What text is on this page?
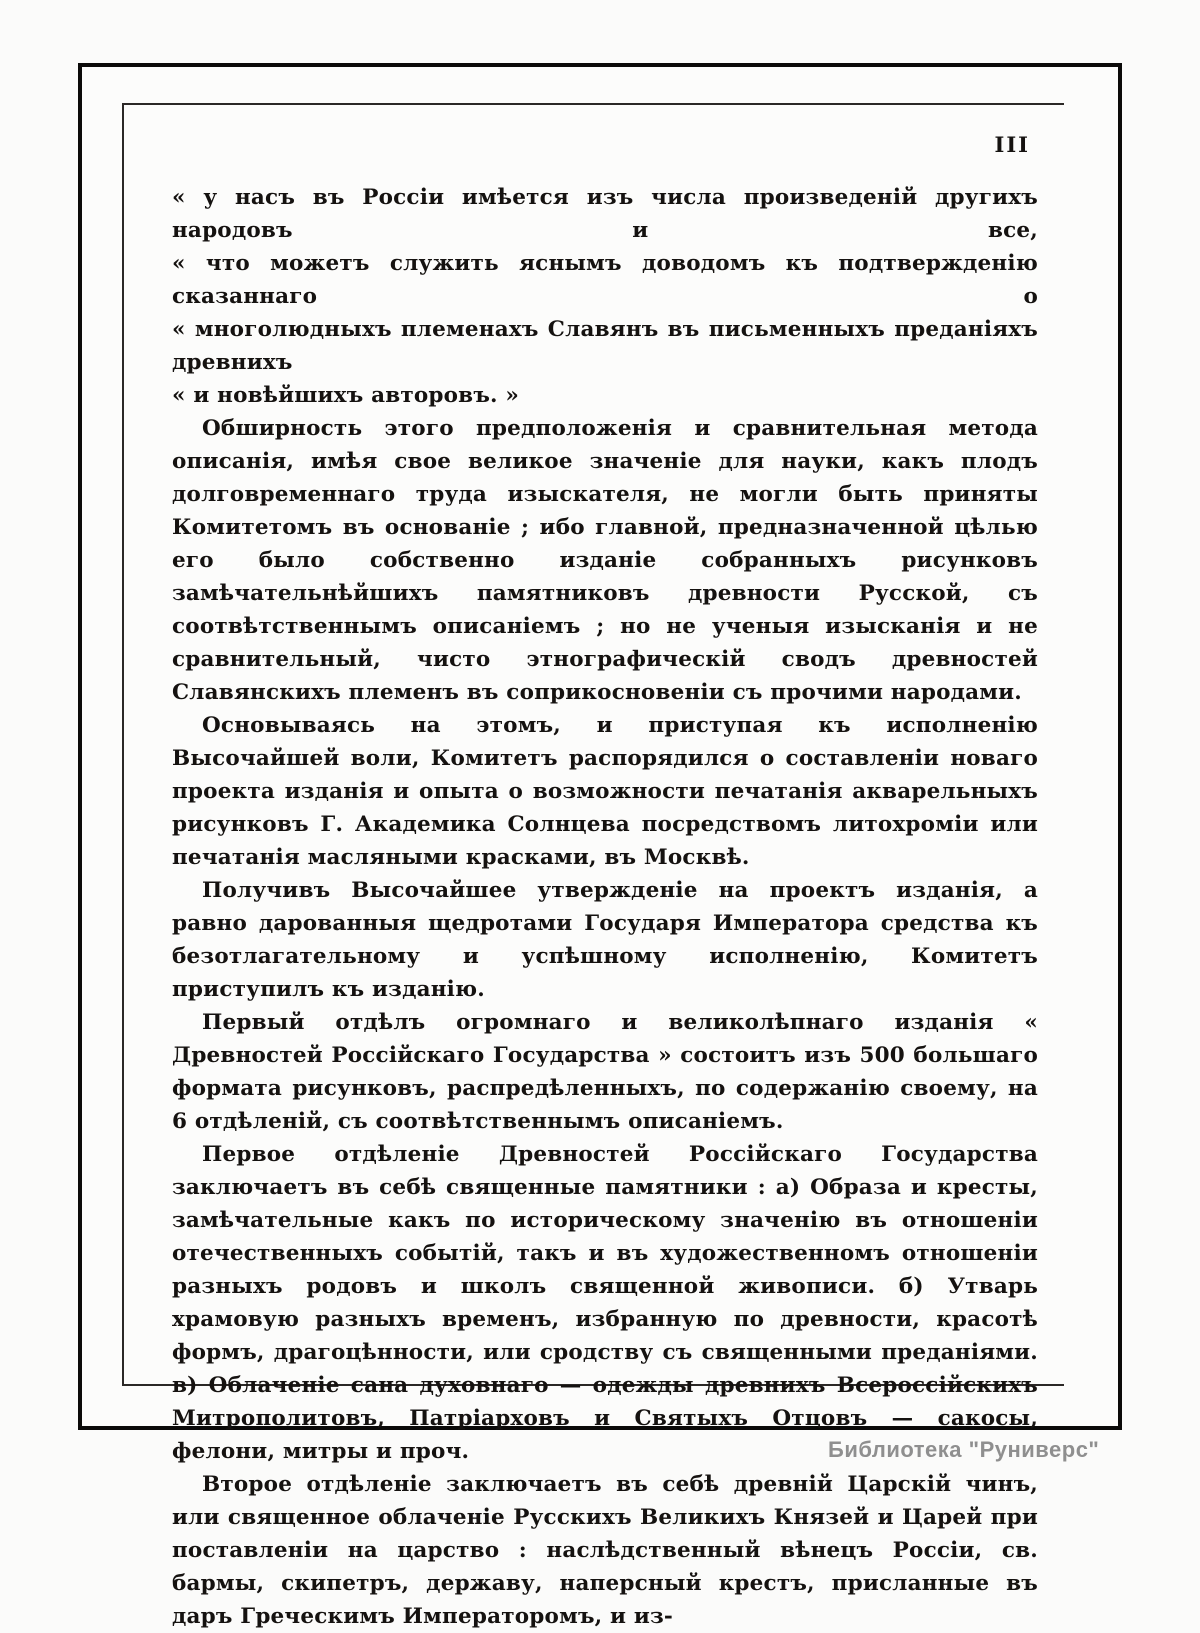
III
« у насъ въ Россіи имѣется изъ числа произведеній другихъ народовъ и все,
« что можетъ служить яснымъ доводомъ къ подтвержденію сказаннаго о
« многолюдныхъ племенахъ Славянъ въ письменныхъ преданіяхъ древнихъ
« и новѣйшихъ авторовъ. »

Обширность этого предположенія и сравнительная метода описанія, имѣя свое великое значеніе для науки, какъ плодъ долговременнаго труда изыскателя, не могли быть приняты Комитетомъ въ основаніе ; ибо главной, предназначенной цѣлью его было собственно изданіе собранныхъ рисунковъ замѣчательнѣйшихъ памятниковъ древности Русской, съ соотвѣтственнымъ описаніемъ ; но не ученыя изысканія и не сравнительный, чисто этнографическій сводъ древностей Славянскихъ племенъ въ соприкосновеніи съ прочими народами.

Основываясь на этомъ, и приступая къ исполненію Высочайшей воли, Комитетъ распорядился о составленіи новаго проекта изданія и опыта о возможности печатанія акварельныхъ рисунковъ Г. Академика Солнцева посредствомъ литохроміи или печатанія масляными красками, въ Москвѣ.

Получивъ Высочайшее утвержденіе на проектъ изданія, а равно дарованныя щедротами Государя Императора средства къ безотлагательному и успѣшному исполненію, Комитетъ приступилъ къ изданію.

Первый отдѣлъ огромнаго и великолѣпнаго изданія « Древностей Россійскаго Государства » состоитъ изъ 500 большаго формата рисунковъ, распредѣленныхъ, по содержанію своему, на 6 отдѣленій, съ соотвѣтственнымъ описаніемъ.

Первое отдѣленіе Древностей Россійскаго Государства заключаетъ въ себѣ священные памятники : а) Образа и кресты, замѣчательные какъ по историческому значенію въ отношеніи отечественныхъ событій, такъ и въ художественномъ отношеніи разныхъ родовъ и школъ священной живописи. б) Утварь храмовую разныхъ временъ, избранную по древности, красотѣ формъ, драгоцѣнности, или сродству съ священными преданіями. в) Облаченіе сана духовнаго — одежды древнихъ Всероссійскихъ Митрополитовъ, Патріарховъ и Святыхъ Отцовъ — сакосы, фелони, митры и проч.

Второе отдѣленіе заключаетъ въ себѣ древній Царскій чинъ, или священное облаченіе Русскихъ Великихъ Князей и Царей при поставленіи на царство : наслѣдственный вѣнецъ Россіи, св. бармы, скипетръ, державу, наперсный крестъ, присланные въ даръ Греческимъ Императоромъ, и из-

Библиотека "Руниверс"
